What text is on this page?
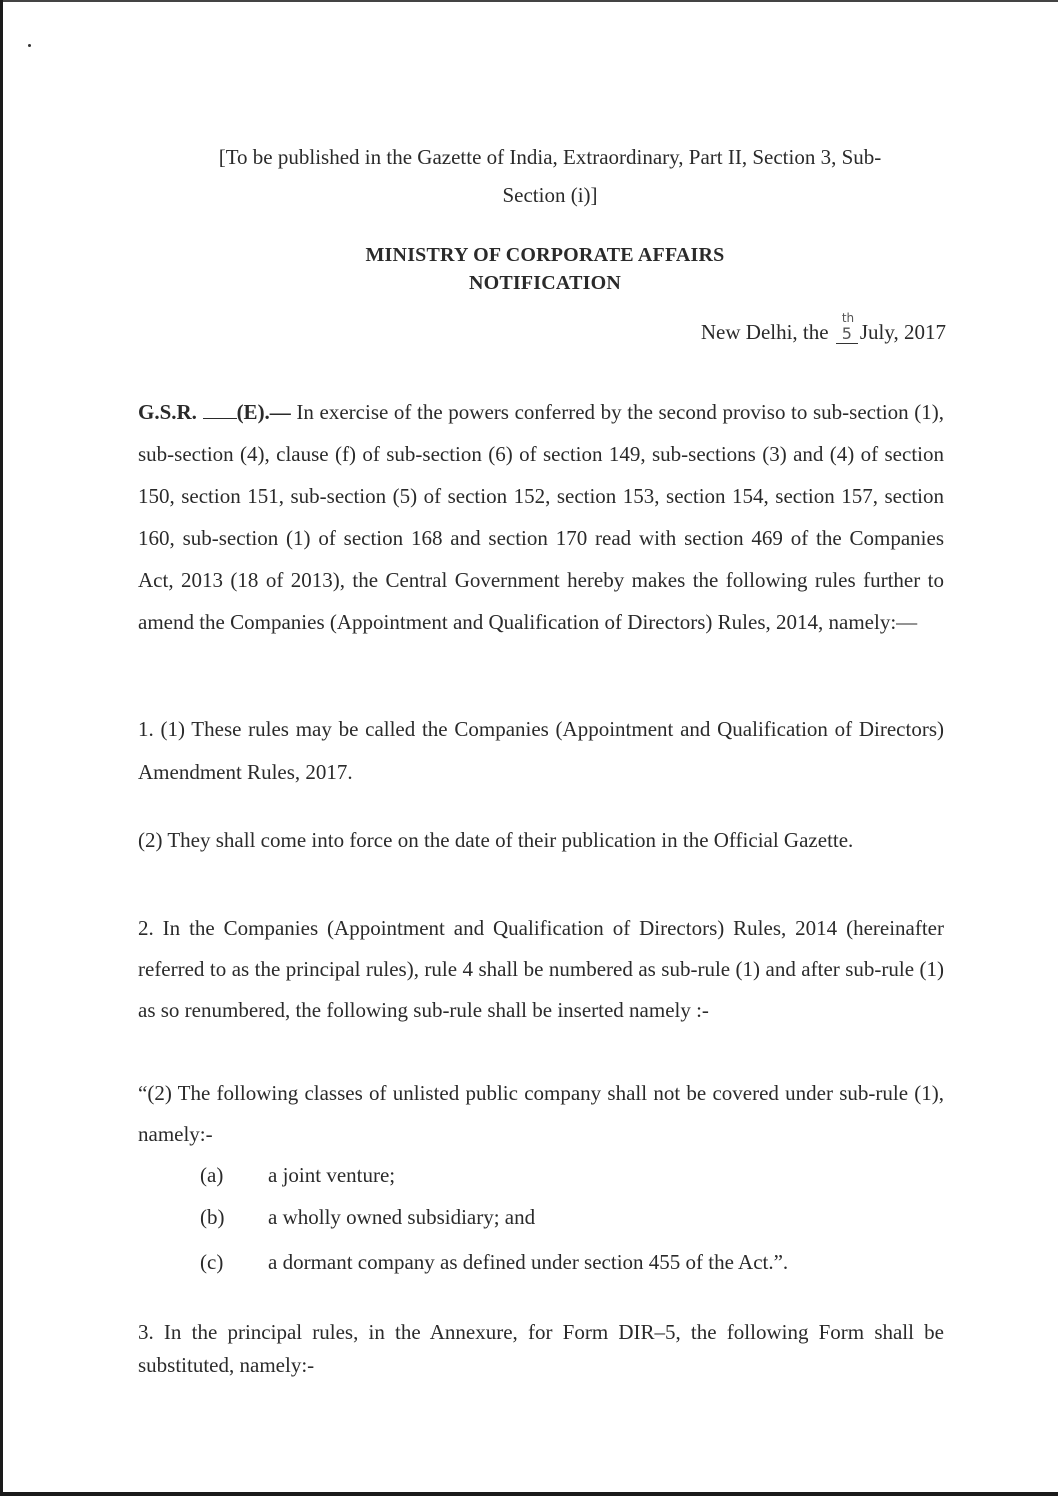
[To be published in the Gazette of India, Extraordinary, Part II, Section 3, Sub-
Section (i)]
MINISTRY OF CORPORATE AFFAIRS
NOTIFICATION
New Delhi, the
th
5 July, 2017
G.S.R. (E).— In exercise of the powers conferred by the second proviso to sub-section (1), sub-section (4), clause (f) of sub-section (6) of section 149, sub-sections (3) and (4) of section 150, section 151, sub-section (5) of section 152, section 153, section 154, section 157, section 160, sub-section (1) of section 168 and section 170 read with section 469 of the Companies Act, 2013 (18 of 2013), the Central Government hereby makes the following rules further to amend the Companies (Appointment and Qualification of Directors) Rules, 2014, namely:—
1. (1) These rules may be called the Companies (Appointment and Qualification of Directors) Amendment Rules, 2017.
(2) They shall come into force on the date of their publication in the Official Gazette.
2. In the Companies (Appointment and Qualification of Directors) Rules, 2014 (hereinafter referred to as the principal rules), rule 4 shall be numbered as sub-rule (1) and after sub-rule (1) as so renumbered, the following sub-rule shall be inserted namely :-
“(2) The following classes of unlisted public company shall not be covered under sub-rule (1), namely:-
(a) a joint venture;
(b) a wholly owned subsidiary; and
(c) a dormant company as defined under section 455 of the Act.”.
3. In the principal rules, in the Annexure, for Form DIR–5, the following Form shall be substituted, namely:-
